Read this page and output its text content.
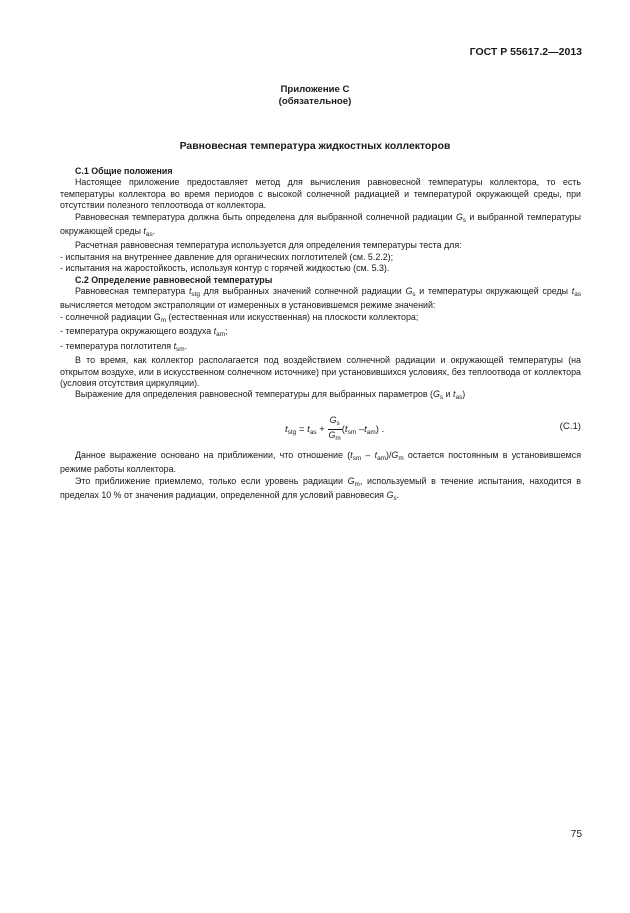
ГОСТ Р 55617.2—2013
Приложение С
(обязательное)
Равновесная температура жидкостных коллекторов

С.1 Общие положения

Настоящее приложение предоставляет метод для вычисления равновесной температуры коллектора, то есть температуры коллектора во время периодов с высокой солнечной радиацией и температурой окружающей среды, при отсутствии полезного теплоотвода от коллектора.

Равновесная температура должна быть определена для выбранной солнечной радиации $G_s$ и выбранной температуры окружающей среды $t_{as}$.

Расчетная равновесная температура используется для определения температуры теста для:

- испытания на внутреннее давление для органических поглотителей (см. 5.2.2);

- испытания на жаростойкость, используя контур с горячей жидкостью (см. 5.3).

С.2 Определение равновесной температуры

Равновесная температура $t_{stg}$ для выбранных значений солнечной радиации $G_s$ и температуры окружающей среды $t_{as}$ вычисляется методом экстраполяции от измеренных в установившемся режиме значений:

- солнечной радиации $G_m$ (естественная или искусственная) на плоскости коллектора;

- температура окружающего воздуха $t_{am}$;

- температура поглотителя $t_{sm}$.

В то время, как коллектор располагается под воздействием солнечной радиации и окружающей температуры (на открытом воздухе, или в искусственном солнечном источнике) при установившихся условиях, без теплоотвода от коллектора (условия отсутствия циркуляции).

Выражение для определения равновесной температуры для выбранных параметров ($G_s$ и $t_{as}$)

$t_{stg} = t_{as} + \frac{G_s}{G_m} (t_{sm}$ $-t_{am}$) .	(С.1)

Данное выражение основано на приближении, что отношение $(t_{sm} - t_{am})/G_m$ остается постоянным в установившемся режиме работы коллектора.

Это приближение приемлемо, только если уровень радиации $G_m$, используемый в течение испытания, находится в пределах 10 % от значения радиации, определенной для условий равновесия $G_s$.

75
